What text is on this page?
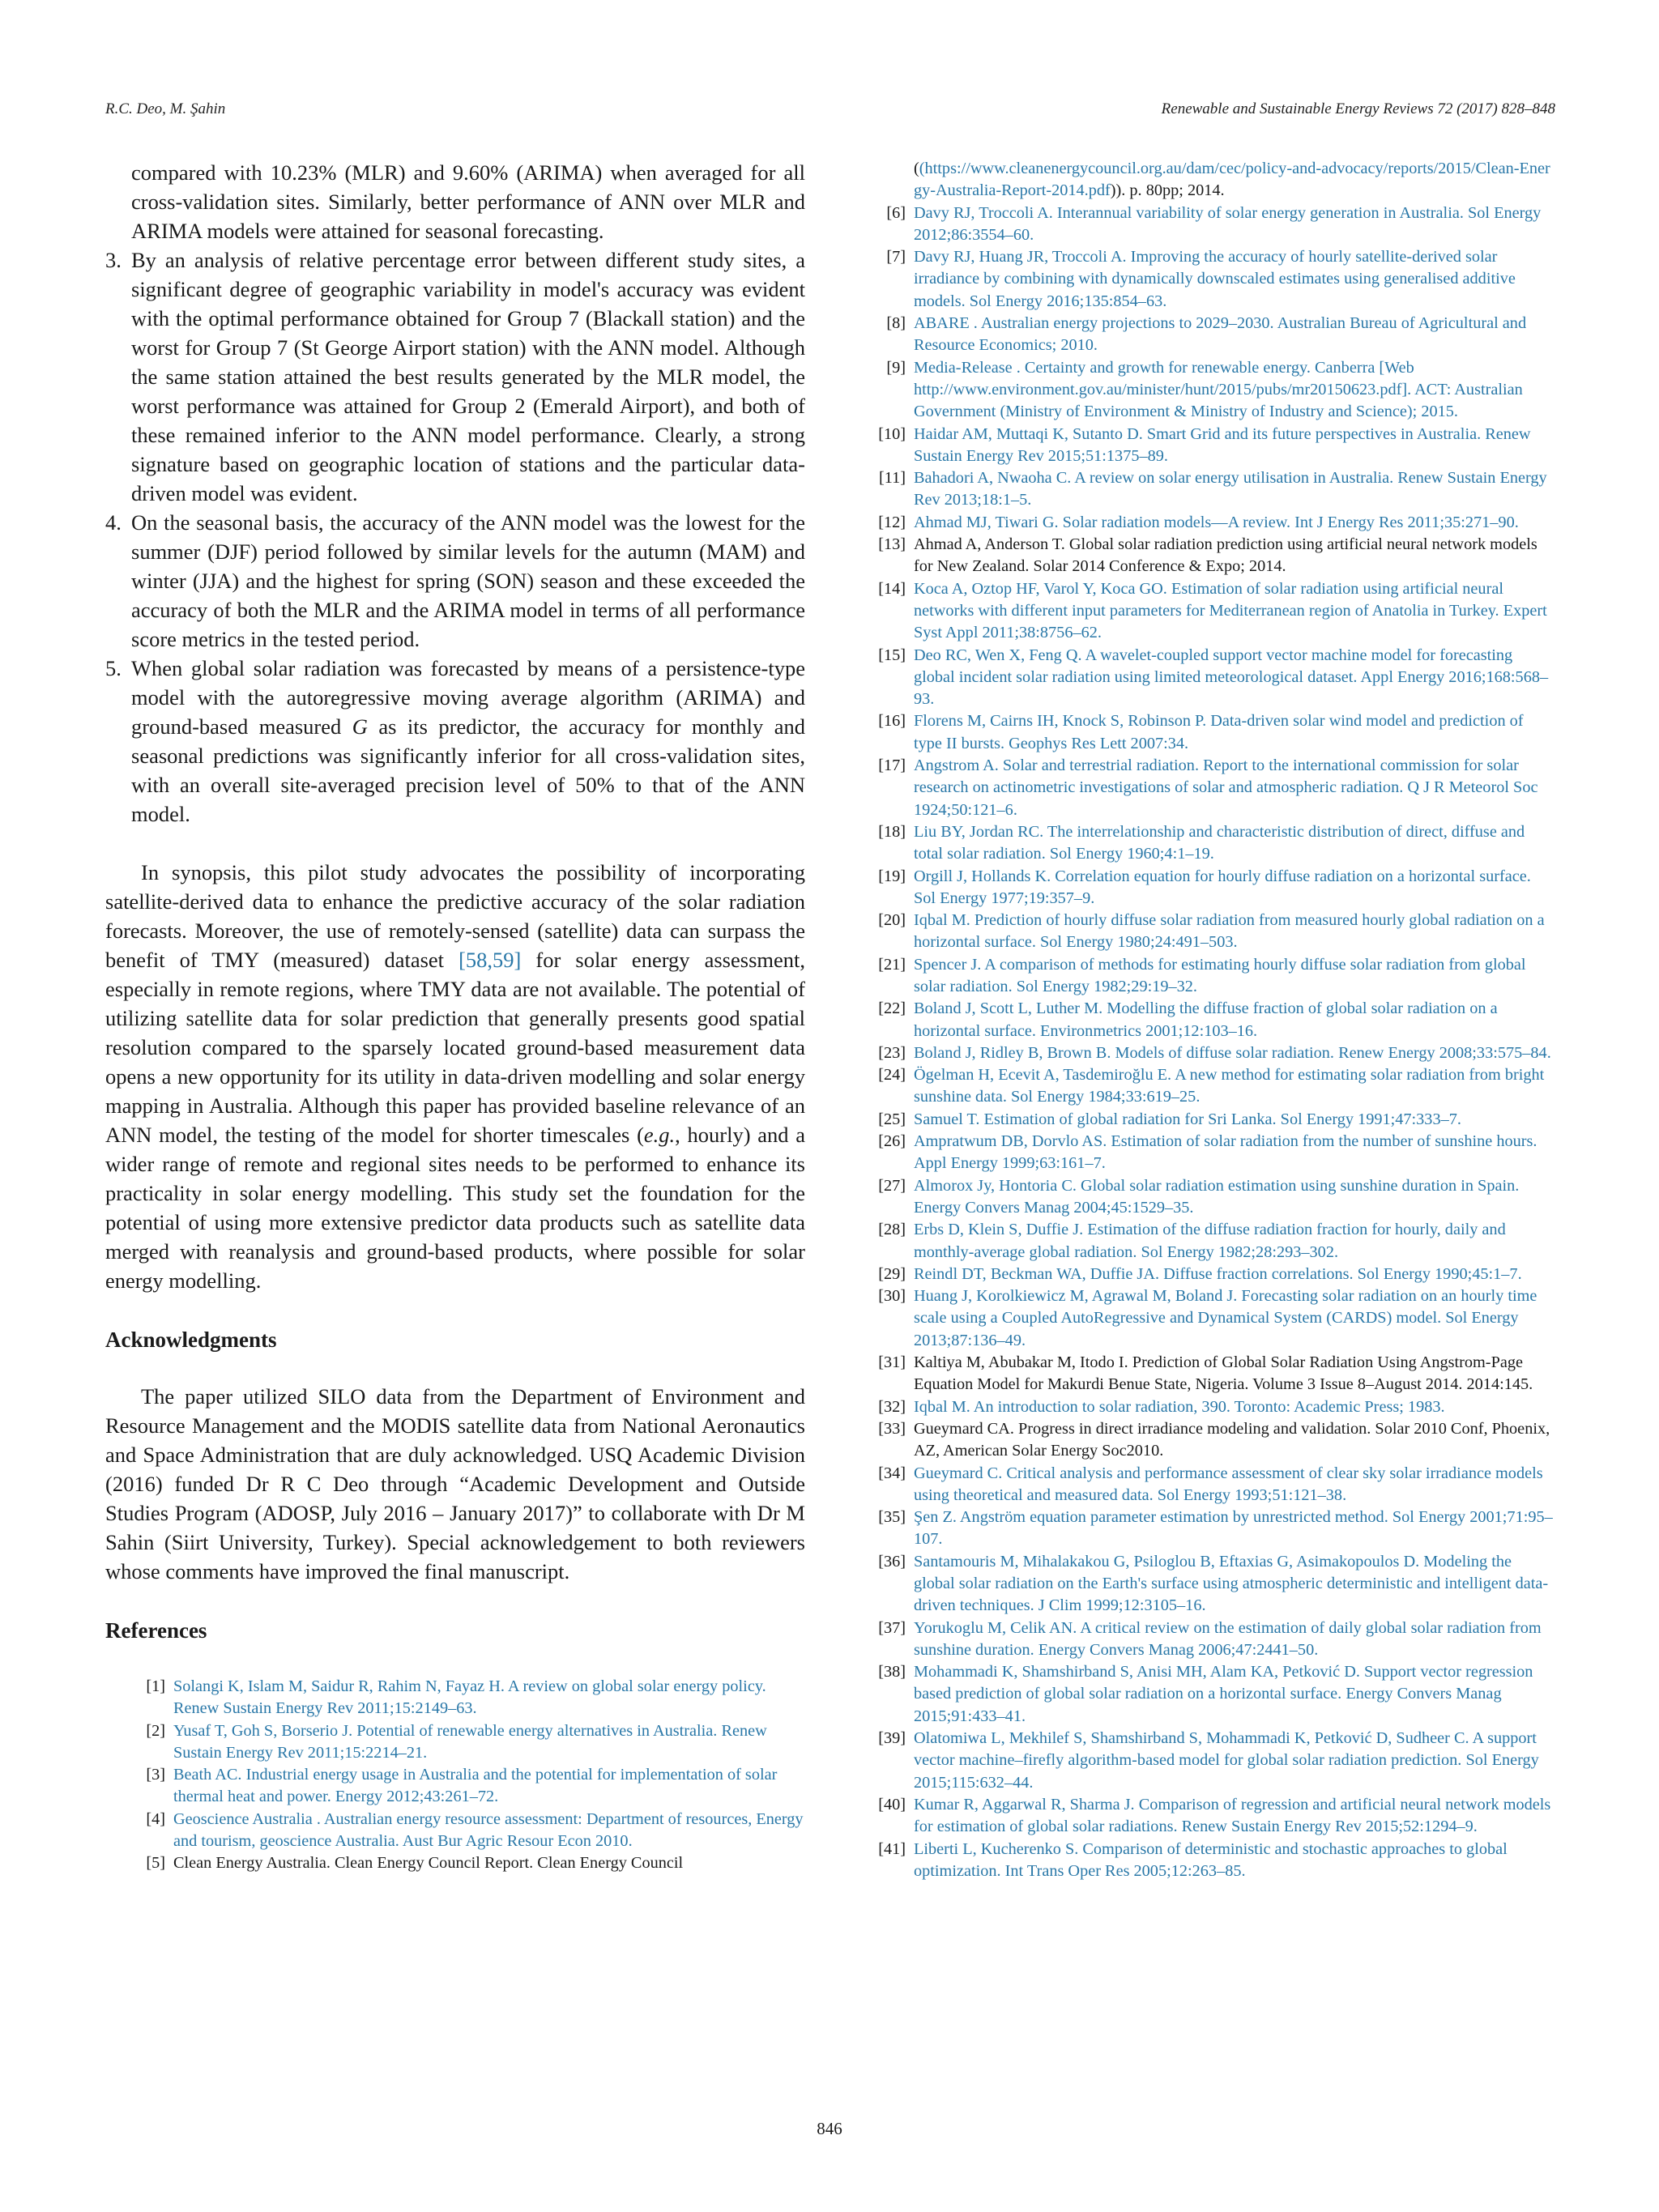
R.C. Deo, M. Şahin	Renewable and Sustainable Energy Reviews 72 (2017) 828–848

compared with 10.23% (MLR) and 9.60% (ARIMA) when averaged for all cross-validation sites. Similarly, better performance of ANN over MLR and ARIMA models were attained for seasonal forecasting.

3. By an analysis of relative percentage error between different study sites, a significant degree of geographic variability in model's accuracy was evident with the optimal performance obtained for Group 7 (Blackall station) and the worst for Group 7 (St George Airport station) with the ANN model. Although the same station attained the best results generated by the MLR model, the worst performance was attained for Group 2 (Emerald Airport), and both of these remained inferior to the ANN model performance. Clearly, a strong signature based on geographic location of stations and the particular data-driven model was evident.
4. On the seasonal basis, the accuracy of the ANN model was the lowest for the summer (DJF) period followed by similar levels for the autumn (MAM) and winter (JJA) and the highest for spring (SON) season and these exceeded the accuracy of both the MLR and the ARIMA model in terms of all performance score metrics in the tested period.
5. When global solar radiation was forecasted by means of a persistence-type model with the autoregressive moving average algorithm (ARIMA) and ground-based measured G as its predictor, the accuracy for monthly and seasonal predictions was significantly inferior for all cross-validation sites, with an overall site-averaged precision level of 50% to that of the ANN model.

In synopsis, this pilot study advocates the possibility of incorporating satellite-derived data to enhance the predictive accuracy of the solar radiation forecasts. Moreover, the use of remotely-sensed (satellite) data can surpass the benefit of TMY (measured) dataset [58,59] for solar energy assessment, especially in remote regions, where TMY data are not available. The potential of utilizing satellite data for solar prediction that generally presents good spatial resolution compared to the sparsely located ground-based measurement data opens a new opportunity for its utility in data-driven modelling and solar energy mapping in Australia. Although this paper has provided baseline relevance of an ANN model, the testing of the model for shorter timescales (e.g., hourly) and a wider range of remote and regional sites needs to be performed to enhance its practicality in solar energy modelling. This study set the foundation for the potential of using more extensive predictor data products such as satellite data merged with reanalysis and ground-based products, where possible for solar energy modelling.

Acknowledgments

The paper utilized SILO data from the Department of Environment and Resource Management and the MODIS satellite data from National Aeronautics and Space Administration that are duly acknowledged. USQ Academic Division (2016) funded Dr R C Deo through “Academic Development and Outside Studies Program (ADOSP, July 2016 – January 2017)” to collaborate with Dr M Sahin (Siirt University, Turkey). Special acknowledgement to both reviewers whose comments have improved the final manuscript.

References
[1] Solangi K, Islam M, Saidur R, Rahim N, Fayaz H. A review on global solar energy policy. Renew Sustain Energy Rev 2011;15:2149–63.
[2] Yusaf T, Goh S, Borserio J. Potential of renewable energy alternatives in Australia. Renew Sustain Energy Rev 2011;15:2214–21.
[3] Beath AC. Industrial energy usage in Australia and the potential for implementation of solar thermal heat and power. Energy 2012;43:261–72.
[4] Geoscience Australia . Australian energy resource assessment: Department of resources, Energy and tourism, geoscience Australia. Aust Bur Agric Resour Econ 2010.
[5] Clean Energy Australia. Clean Energy Council Report. Clean Energy Council

((https://www.cleanenergycouncil.org.au/dam/cec/policy-and-advocacy/reports/2015/Clean-Energy-Australia-Report-2014.pdf)). p. 80pp; 2014.

[6] Davy RJ, Troccoli A. Interannual variability of solar energy generation in Australia. Sol Energy 2012;86:3554–60.
[7] Davy RJ, Huang JR, Troccoli A. Improving the accuracy of hourly satellite-derived solar irradiance by combining with dynamically downscaled estimates using generalised additive models. Sol Energy 2016;135:854–63.
[8] ABARE . Australian energy projections to 2029–2030. Australian Bureau of Agricultural and Resource Economics; 2010.
[9] Media-Release . Certainty and growth for renewable energy. Canberra [Web http://www.environment.gov.au/minister/hunt/2015/pubs/mr20150623.pdf]. ACT: Australian Government (Ministry of Environment & Ministry of Industry and Science); 2015.
[10] Haidar AM, Muttaqi K, Sutanto D. Smart Grid and its future perspectives in Australia. Renew Sustain Energy Rev 2015;51:1375–89.
[11] Bahadori A, Nwaoha C. A review on solar energy utilisation in Australia. Renew Sustain Energy Rev 2013;18:1–5.
[12] Ahmad MJ, Tiwari G. Solar radiation models—A review. Int J Energy Res 2011;35:271–90.
[13] Ahmad A, Anderson T. Global solar radiation prediction using artificial neural network models for New Zealand. Solar 2014 Conference & Expo; 2014.
[14] Koca A, Oztop HF, Varol Y, Koca GO. Estimation of solar radiation using artificial neural networks with different input parameters for Mediterranean region of Anatolia in Turkey. Expert Syst Appl 2011;38:8756–62.
[15] Deo RC, Wen X, Feng Q. A wavelet-coupled support vector machine model for forecasting global incident solar radiation using limited meteorological dataset. Appl Energy 2016;168:568–93.
[16] Florens M, Cairns IH, Knock S, Robinson P. Data-driven solar wind model and prediction of type II bursts. Geophys Res Lett 2007:34.
[17] Angstrom A. Solar and terrestrial radiation. Report to the international commission for solar research on actinometric investigations of solar and atmospheric radiation. Q J R Meteorol Soc 1924;50:121–6.
[18] Liu BY, Jordan RC. The interrelationship and characteristic distribution of direct, diffuse and total solar radiation. Sol Energy 1960;4:1–19.
[19] Orgill J, Hollands K. Correlation equation for hourly diffuse radiation on a horizontal surface. Sol Energy 1977;19:357–9.
[20] Iqbal M. Prediction of hourly diffuse solar radiation from measured hourly global radiation on a horizontal surface. Sol Energy 1980;24:491–503.
[21] Spencer J. A comparison of methods for estimating hourly diffuse solar radiation from global solar radiation. Sol Energy 1982;29:19–32.
[22] Boland J, Scott L, Luther M. Modelling the diffuse fraction of global solar radiation on a horizontal surface. Environmetrics 2001;12:103–16.
[23] Boland J, Ridley B, Brown B. Models of diffuse solar radiation. Renew Energy 2008;33:575–84.
[24] Ögelman H, Ecevit A, Tasdemiroğlu E. A new method for estimating solar radiation from bright sunshine data. Sol Energy 1984;33:619–25.
[25] Samuel T. Estimation of global radiation for Sri Lanka. Sol Energy 1991;47:333–7.
[26] Ampratwum DB, Dorvlo AS. Estimation of solar radiation from the number of sunshine hours. Appl Energy 1999;63:161–7.
[27] Almorox Jy, Hontoria C. Global solar radiation estimation using sunshine duration in Spain. Energy Convers Manag 2004;45:1529–35.
[28] Erbs D, Klein S, Duffie J. Estimation of the diffuse radiation fraction for hourly, daily and monthly-average global radiation. Sol Energy 1982;28:293–302.
[29] Reindl DT, Beckman WA, Duffie JA. Diffuse fraction correlations. Sol Energy 1990;45:1–7.
[30] Huang J, Korolkiewicz M, Agrawal M, Boland J. Forecasting solar radiation on an hourly time scale using a Coupled AutoRegressive and Dynamical System (CARDS) model. Sol Energy 2013;87:136–49.
[31] Kaltiya M, Abubakar M, Itodo I. Prediction of Global Solar Radiation Using Angstrom-Page Equation Model for Makurdi Benue State, Nigeria. Volume 3 Issue 8–August 2014. 2014:145.
[32] Iqbal M. An introduction to solar radiation, 390. Toronto: Academic Press; 1983.
[33] Gueymard CA. Progress in direct irradiance modeling and validation. Solar 2010 Conf, Phoenix, AZ, American Solar Energy Soc2010.
[34] Gueymard C. Critical analysis and performance assessment of clear sky solar irradiance models using theoretical and measured data. Sol Energy 1993;51:121–38.
[35] Şen Z. Angström equation parameter estimation by unrestricted method. Sol Energy 2001;71:95–107.
[36] Santamouris M, Mihalakakou G, Psiloglou B, Eftaxias G, Asimakopoulos D. Modeling the global solar radiation on the Earth's surface using atmospheric deterministic and intelligent data-driven techniques. J Clim 1999;12:3105–16.
[37] Yorukoglu M, Celik AN. A critical review on the estimation of daily global solar radiation from sunshine duration. Energy Convers Manag 2006;47:2441–50.
[38] Mohammadi K, Shamshirband S, Anisi MH, Alam KA, Petković D. Support vector regression based prediction of global solar radiation on a horizontal surface. Energy Convers Manag 2015;91:433–41.
[39] Olatomiwa L, Mekhilef S, Shamshirband S, Mohammadi K, Petković D, Sudheer C. A support vector machine–firefly algorithm-based model for global solar radiation prediction. Sol Energy 2015;115:632–44.
[40] Kumar R, Aggarwal R, Sharma J. Comparison of regression and artificial neural network models for estimation of global solar radiations. Renew Sustain Energy Rev 2015;52:1294–9.
[41] Liberti L, Kucherenko S. Comparison of deterministic and stochastic approaches to global optimization. Int Trans Oper Res 2005;12:263–85.
846
